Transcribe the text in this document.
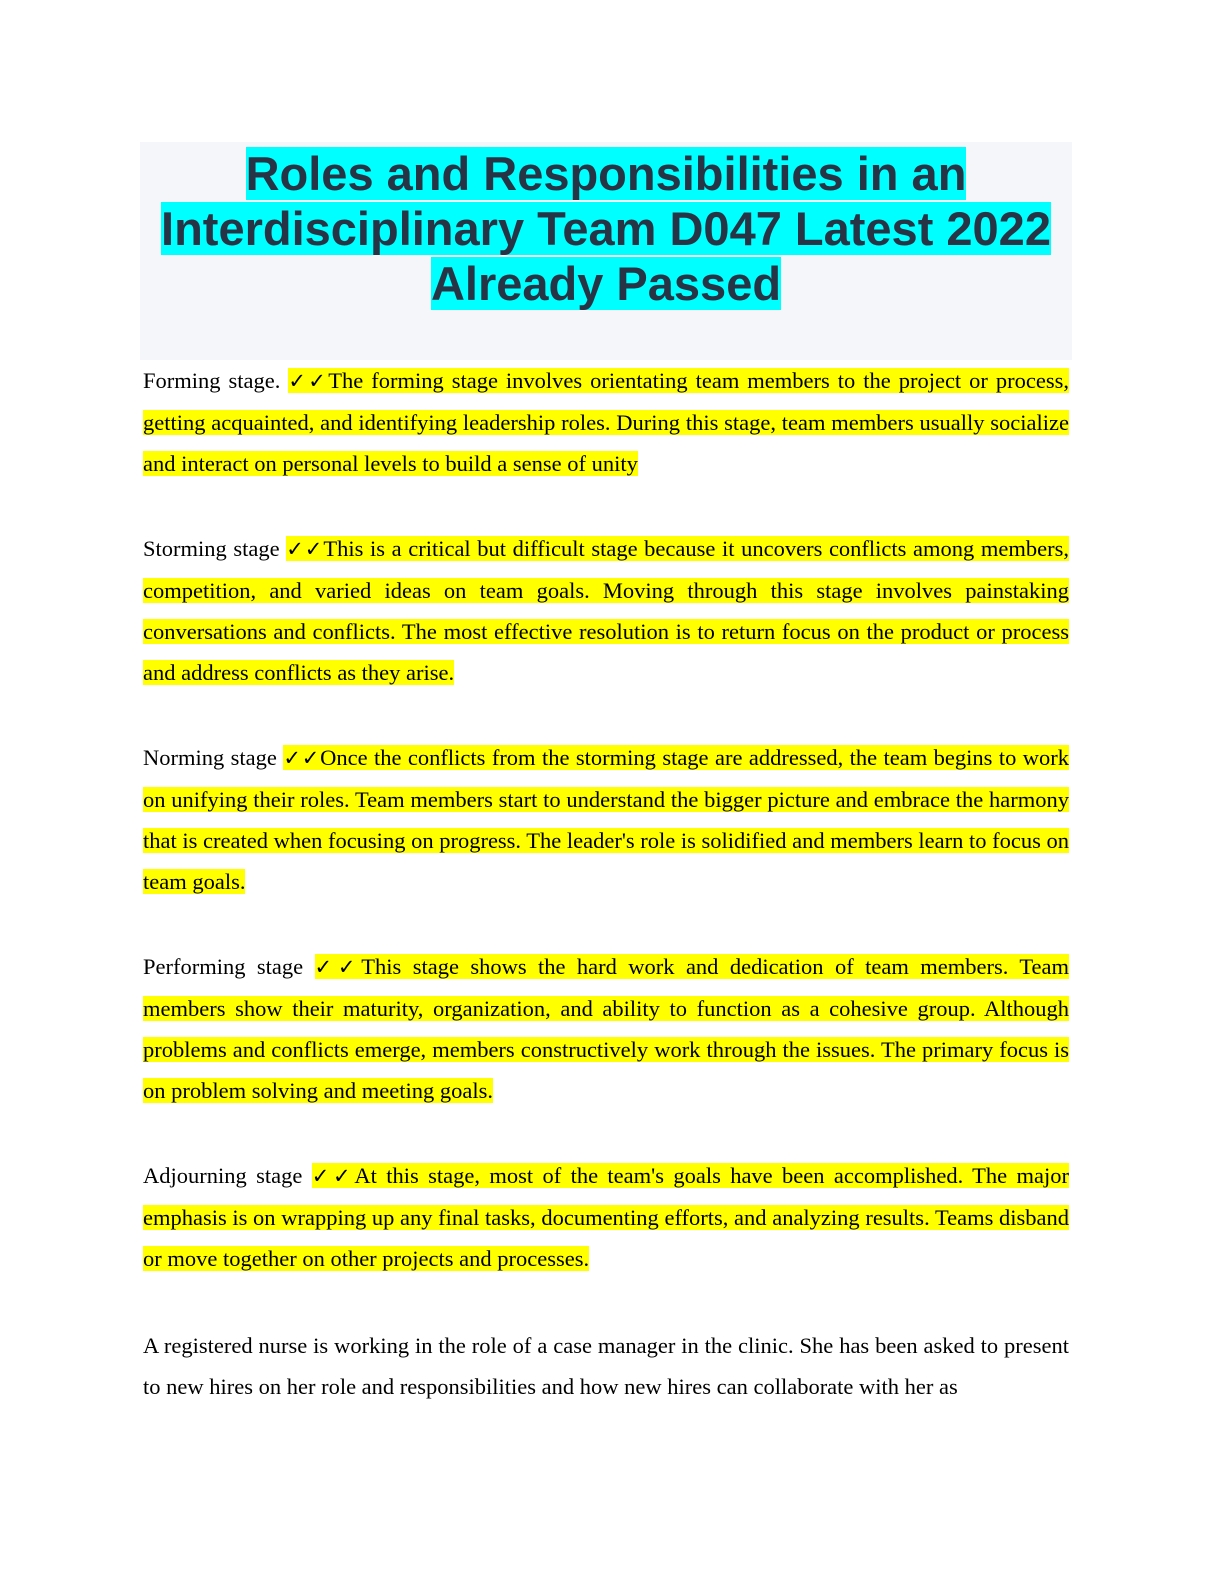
Roles and Responsibilities in an
Interdisciplinary Team D047 Latest 2022
Already Passed

Forming stage. ✓✓The forming stage involves orientating team members to the project or process, getting acquainted, and identifying leadership roles. During this stage, team members usually socialize and interact on personal levels to build a sense of unity

Storming stage ✓✓This is a critical but difficult stage because it uncovers conflicts among members, competition, and varied ideas on team goals. Moving through this stage involves painstaking conversations and conflicts. The most effective resolution is to return focus on the product or process and address conflicts as they arise.

Norming stage ✓✓Once the conflicts from the storming stage are addressed, the team begins to work on unifying their roles. Team members start to understand the bigger picture and embrace the harmony that is created when focusing on progress. The leader's role is solidified and members learn to focus on team goals.

Performing stage ✓✓This stage shows the hard work and dedication of team members. Team members show their maturity, organization, and ability to function as a cohesive group. Although problems and conflicts emerge, members constructively work through the issues. The primary focus is on problem solving and meeting goals.

Adjourning stage ✓✓At this stage, most of the team's goals have been accomplished. The major emphasis is on wrapping up any final tasks, documenting efforts, and analyzing results. Teams disband or move together on other projects and processes.

A registered nurse is working in the role of a case manager in the clinic. She has been asked to present to new hires on her role and responsibilities and how new hires can collaborate with her as
